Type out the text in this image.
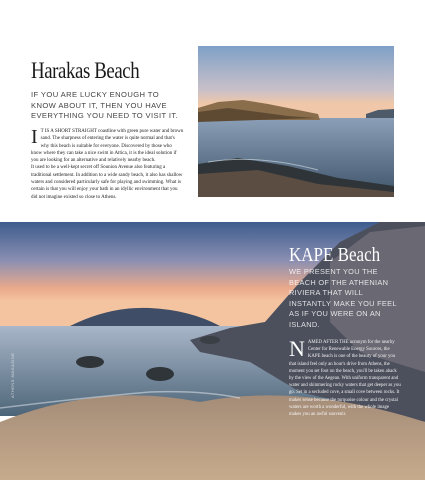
Harakas Beach
IF YOU ARE LUCKY ENOUGH TO KNOW ABOUT IT, THEN YOU HAVE EVERYTHING YOU NEED TO VISIT IT.
I T IS A SHORT STRAIGHT coastline with green pure water and brown sand. The sharpness of entering the water is quite normal and that's why this beach is suitable for everyone. Discovered by those who know where they can take a nice swim in Attica, it is the ideal solution if you are looking for an alternative and relatively nearby beach.
It used to be a well-kept secret off Sounion Avenue also featuring a traditional settlement. In addition to a wide sandy beach, it also has shallow waters and considered particularly safe for playing and swimming. What is certain is that you will enjoy your bath in an idyllic environment that you did not imagine existed so close to Athens.
KAPE Beach
WE PRESENT YOU THE BEACH OF THE ATHENIAN RIVIERA THAT WILL INSTANTLY MAKE YOU FEEL AS IF YOU WERE ON AN ISLAND.
N AMED AFTER THE acronym for the nearby Center for Renewable Energy Sources, the KAPE beach is one of the beauty of your you that island feel only an hour's drive from Athens, the moment you set foot on the beach, you'll be taken aback by the view of the Aegean. With uniform transparent and water and shimmering rocky waters that get deeper as you go. Set in a secluded cove, a small cove between rocks. It makes sense because the turquoise colour and the crystal waters are worth a wonderful, with the whole image makes you an awful souvenir.
ATHENS MAGAZINE
